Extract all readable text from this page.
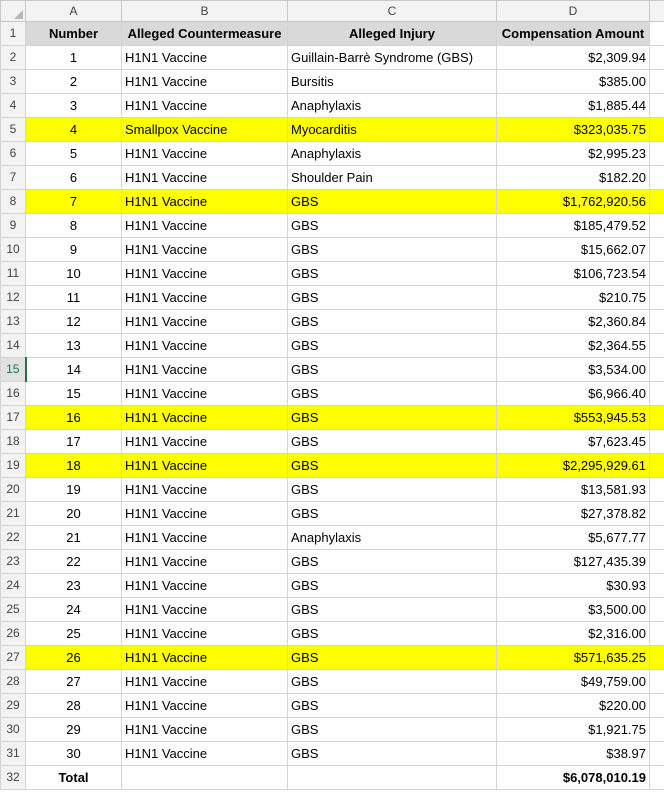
	A	B	C	D	
1	Number	Alleged Countermeasure	Alleged Injury	Compensation Amount	
2	1	H1N1 Vaccine	Guillain-Barrè Syndrome (GBS)	$2,309.94	
3	2	H1N1 Vaccine	Bursitis	$385.00	
4	3	H1N1 Vaccine	Anaphylaxis	$1,885.44	
5	4	Smallpox Vaccine	Myocarditis	$323,035.75	
6	5	H1N1 Vaccine	Anaphylaxis	$2,995.23	
7	6	H1N1 Vaccine	Shoulder Pain	$182.20	
8	7	H1N1 Vaccine	GBS	$1,762,920.56	
9	8	H1N1 Vaccine	GBS	$185,479.52	
10	9	H1N1 Vaccine	GBS	$15,662.07	
11	10	H1N1 Vaccine	GBS	$106,723.54	
12	11	H1N1 Vaccine	GBS	$210.75	
13	12	H1N1 Vaccine	GBS	$2,360.84	
14	13	H1N1 Vaccine	GBS	$2,364.55	
15	14	H1N1 Vaccine	GBS	$3,534.00	
16	15	H1N1 Vaccine	GBS	$6,966.40	
17	16	H1N1 Vaccine	GBS	$553,945.53	
18	17	H1N1 Vaccine	GBS	$7,623.45	
19	18	H1N1 Vaccine	GBS	$2,295,929.61	
20	19	H1N1 Vaccine	GBS	$13,581.93	
21	20	H1N1 Vaccine	GBS	$27,378.82	
22	21	H1N1 Vaccine	Anaphylaxis	$5,677.77	
23	22	H1N1 Vaccine	GBS	$127,435.39	
24	23	H1N1 Vaccine	GBS	$30.93	
25	24	H1N1 Vaccine	GBS	$3,500.00	
26	25	H1N1 Vaccine	GBS	$2,316.00	
27	26	H1N1 Vaccine	GBS	$571,635.25	
28	27	H1N1 Vaccine	GBS	$49,759.00	
29	28	H1N1 Vaccine	GBS	$220.00	
30	29	H1N1 Vaccine	GBS	$1,921.75	
31	30	H1N1 Vaccine	GBS	$38.97	
32	Total			$6,078,010.19	
